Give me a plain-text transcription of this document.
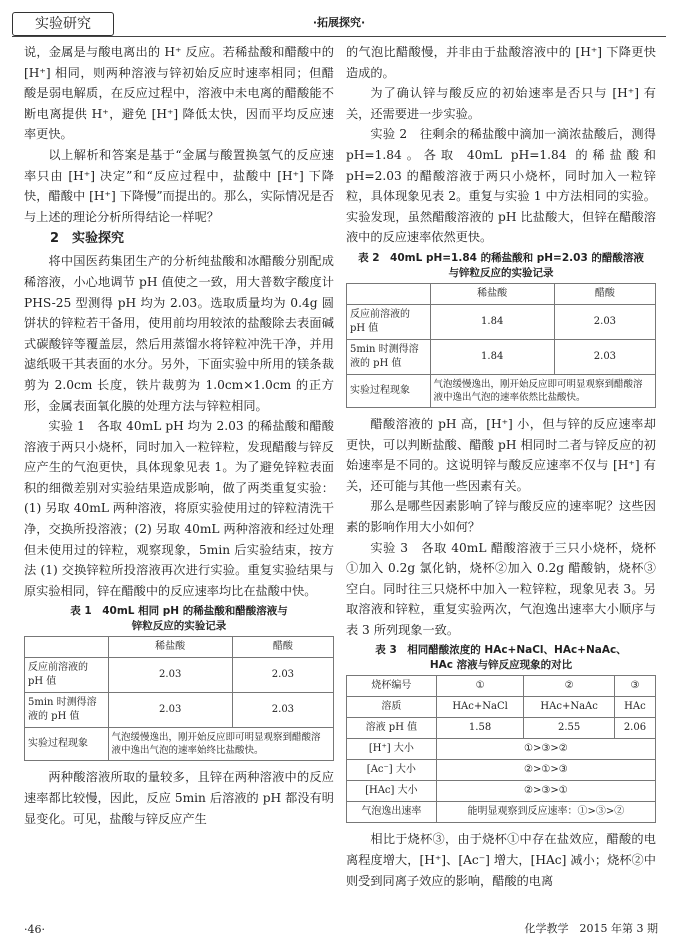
实验研究	·拓展探究·

说，金属是与酸电离出的 H⁺ 反应。若稀盐酸和醋酸中的 [H⁺] 相同，则两种溶液与锌初始反应时速率相同；但醋酸是弱电解质，在反应过程中，溶液中未电离的醋酸能不断电离提供 H⁺，避免 [H⁺] 降低太快，因而平均反应速率更快。

以上解析和答案是基于“金属与酸置换氢气的反应速率只由 [H⁺] 决定”和“反应过程中，盐酸中 [H⁺] 下降快，醋酸中 [H⁺] 下降慢”而提出的。那么，实际情况是否与上述的理论分析所得结论一样呢？

2　实验探究

将中国医药集团生产的分析纯盐酸和冰醋酸分别配成稀溶液，小心地调节 pH 值使之一致，用大普数字酸度计 PHS-25 型测得 pH 均为 2.03。选取质量均为 0.4g 圆饼状的锌粒若干备用，使用前均用较浓的盐酸除去表面碱式碳酸锌等覆盖层，然后用蒸馏水将锌粒冲洗干净，并用滤纸吸干其表面的水分。另外，下面实验中所用的镁条裁剪为 2.0cm 长度，铁片裁剪为 1.0cm×1.0cm 的正方形，金属表面氧化膜的处理方法与锌粒相同。

实验 1　各取 40mL pH 均为 2.03 的稀盐酸和醋酸溶液于两只小烧杯，同时加入一粒锌粒，发现醋酸与锌反应产生的气泡更快，具体现象见表 1。为了避免锌粒表面积的细微差别对实验结果造成影响，做了两类重复实验：(1) 另取 40mL 两种溶液，将原实验使用过的锌粒清洗干净，交换所投溶液；(2) 另取 40mL 两种溶液和经过处理但未使用过的锌粒，观察现象，5min 后实验结束，按方法 (1) 交换锌粒所投溶液再次进行实验。重复实验结果与原实验相同，锌在醋酸中的反应速率均比在盐酸中快。

表 1　40mL 相同 pH 的稀盐酸和醋酸溶液与
锌粒反应的实验记录
	稀盐酸	醋酸
反应前溶液的 pH 值	2.03	2.03
5min 时测得溶液的 pH 值	2.03	2.03
实验过程现象	气泡缓慢逸出，刚开始反应即可明显观察到醋酸溶液中逸出气泡的速率始终比盐酸快。	

两种酸溶液所取的量较多，且锌在两种溶液中的反应速率都比较慢，因此，反应 5min 后溶液的 pH 都没有明显变化。可见，盐酸与锌反应产生

的气泡比醋酸慢，并非由于盐酸溶液中的 [H⁺] 下降更快造成的。

为了确认锌与酸反应的初始速率是否只与 [H⁺] 有关，还需要进一步实验。

实验 2　往剩余的稀盐酸中滴加一滴浓盐酸后，测得 pH=1.84。各取 40mL pH=1.84 的稀盐酸和 pH=2.03 的醋酸溶液于两只小烧杯，同时加入一粒锌粒，具体现象见表 2。重复与实验 1 中方法相同的实验。实验发现，虽然醋酸溶液的 pH 比盐酸大，但锌在醋酸溶液中的反应速率依然更快。

表 2　40mL pH=1.84 的稀盐酸和 pH=2.03 的醋酸溶液
与锌粒反应的实验记录
	稀盐酸	醋酸
反应前溶液的 pH 值	1.84	2.03
5min 时测得溶液的 pH 值	1.84	2.03
实验过程现象	气泡缓慢逸出，刚开始反应即可明显观察到醋酸溶液中逸出气泡的速率依然比盐酸快。	

醋酸溶液的 pH 高，[H⁺] 小，但与锌的反应速率却更快，可以判断盐酸、醋酸 pH 相同时二者与锌反应的初始速率是不同的。这说明锌与酸反应速率不仅与 [H⁺] 有关，还可能与其他一些因素有关。

那么是哪些因素影响了锌与酸反应的速率呢？这些因素的影响作用大小如何？

实验 3　各取 40mL 醋酸溶液于三只小烧杯，烧杯①加入 0.2g 氯化钠，烧杯②加入 0.2g 醋酸钠，烧杯③空白。同时往三只烧杯中加入一粒锌粒，现象见表 3。另取溶液和锌粒，重复实验两次，气泡逸出速率大小顺序与表 3 所列现象一致。

表 3　相同醋酸浓度的 HAc+NaCl、HAc+NaAc、
HAc 溶液与锌反应现象的对比
烧杯编号	①	②	③
溶质	HAc+NaCl	HAc+NaAc	HAc
溶液 pH 值	1.58	2.55	2.06
[H⁺] 大小	①>③>②		
[Ac⁻] 大小	②>①>③		
[HAc] 大小	②>③>①		
气泡逸出速率	能明显观察到反应速率：①>③>②		

相比于烧杯③，由于烧杯①中存在盐效应，醋酸的电离程度增大，[H⁺]、[Ac⁻] 增大，[HAc] 减小；烧杯②中则受到同离子效应的影响，醋酸的电离

·46·	化学教学　2015 年第 3 期
